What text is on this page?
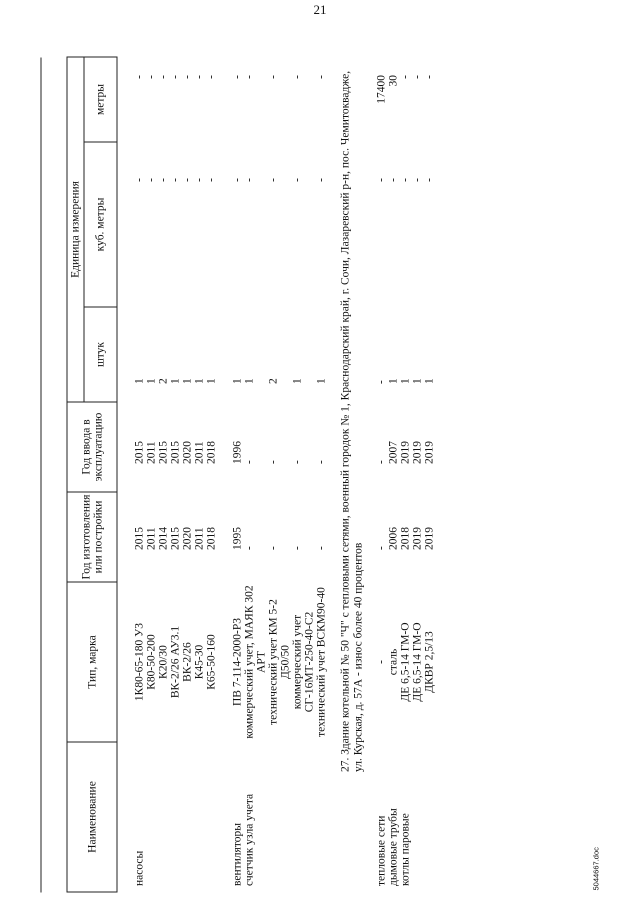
21
Наименование	Тип, марка	Год изготовления или постройки	Год ввода в эксплуатацию	Единица измерения		
				штук	куб. метры	метры

насосы	1К80-65-180 У3	2015	2015	1	-	-
	К80-50-200	2011	2011	1	-	-
	К20/30	2014	2015	2	-	-
	ВК-2/26 АУ3.1	2015	2015	1	-	-
	ВК-2/26	2020	2020	1	-	-
	К45-30	2011	2011	1	-	-
	К65-50-160	2018	2018	1	-	-

вентиляторы	ПВ 7-114-2000-Р3	1995	1996	1	-	-
счетчик узла учета	коммерческий учет, МАЯК 302 АРТ	-	-	1	-	-
	технический учет КМ 5-2 Д50/50	-	-	2	-	-
	коммерческий учет СГ-16МТ-250-40-С2	-	-	1	-	-
	технический учет ВСКМ90-40	-	-	1	-	-
27. Здание котельной № 50 "Ч" с тепловыми сетями, военный городок № 1, Краснодарский край, г. Сочи, Лазаревский р-н, пос. Чемитоквадже, ул. Курская, д. 57А - износ более 40 процентов						
тепловые сети	-	-	-	-	-	17400
дымовые трубы	сталь	2006	2007	1	-	30
котлы паровые	ДЕ 6,5-14 ГМ-О	2018	2019	1	-	-
	ДЕ 6,5-14 ГМ-О	2019	2019	1	-	-
	ДКВР 2,5/13	2019	2019	1	-	-
5044667.doc
